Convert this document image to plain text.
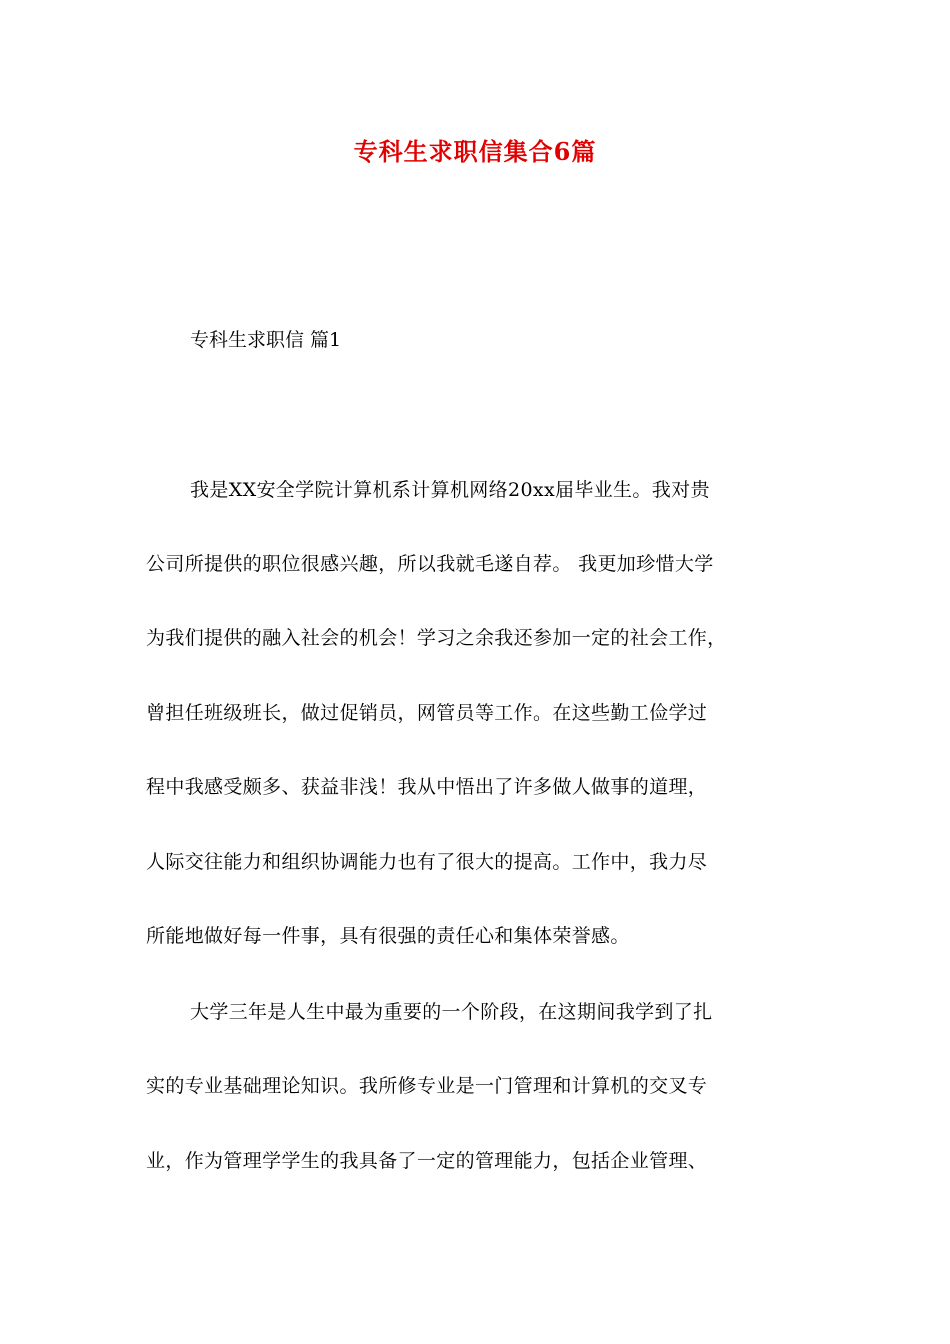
专科生求职信集合6篇

专科生求职信 篇1

我是XX安全学院计算机系计算机网络20xx届毕业生。我对贵

公司所提供的职位很感兴趣，所以我就毛遂自荐。 我更加珍惜大学

为我们提供的融入社会的机会！学习之余我还参加一定的社会工作，

曾担任班级班长，做过促销员，网管员等工作。在这些勤工俭学过

程中我感受颇多、获益非浅！我从中悟出了许多做人做事的道理，

人际交往能力和组织协调能力也有了很大的提高。工作中，我力尽

所能地做好每一件事，具有很强的责任心和集体荣誉感。

大学三年是人生中最为重要的一个阶段，在这期间我学到了扎

实的专业基础理论知识。我所修专业是一门管理和计算机的交叉专

业，作为管理学学生的我具备了一定的管理能力，包括企业管理、
